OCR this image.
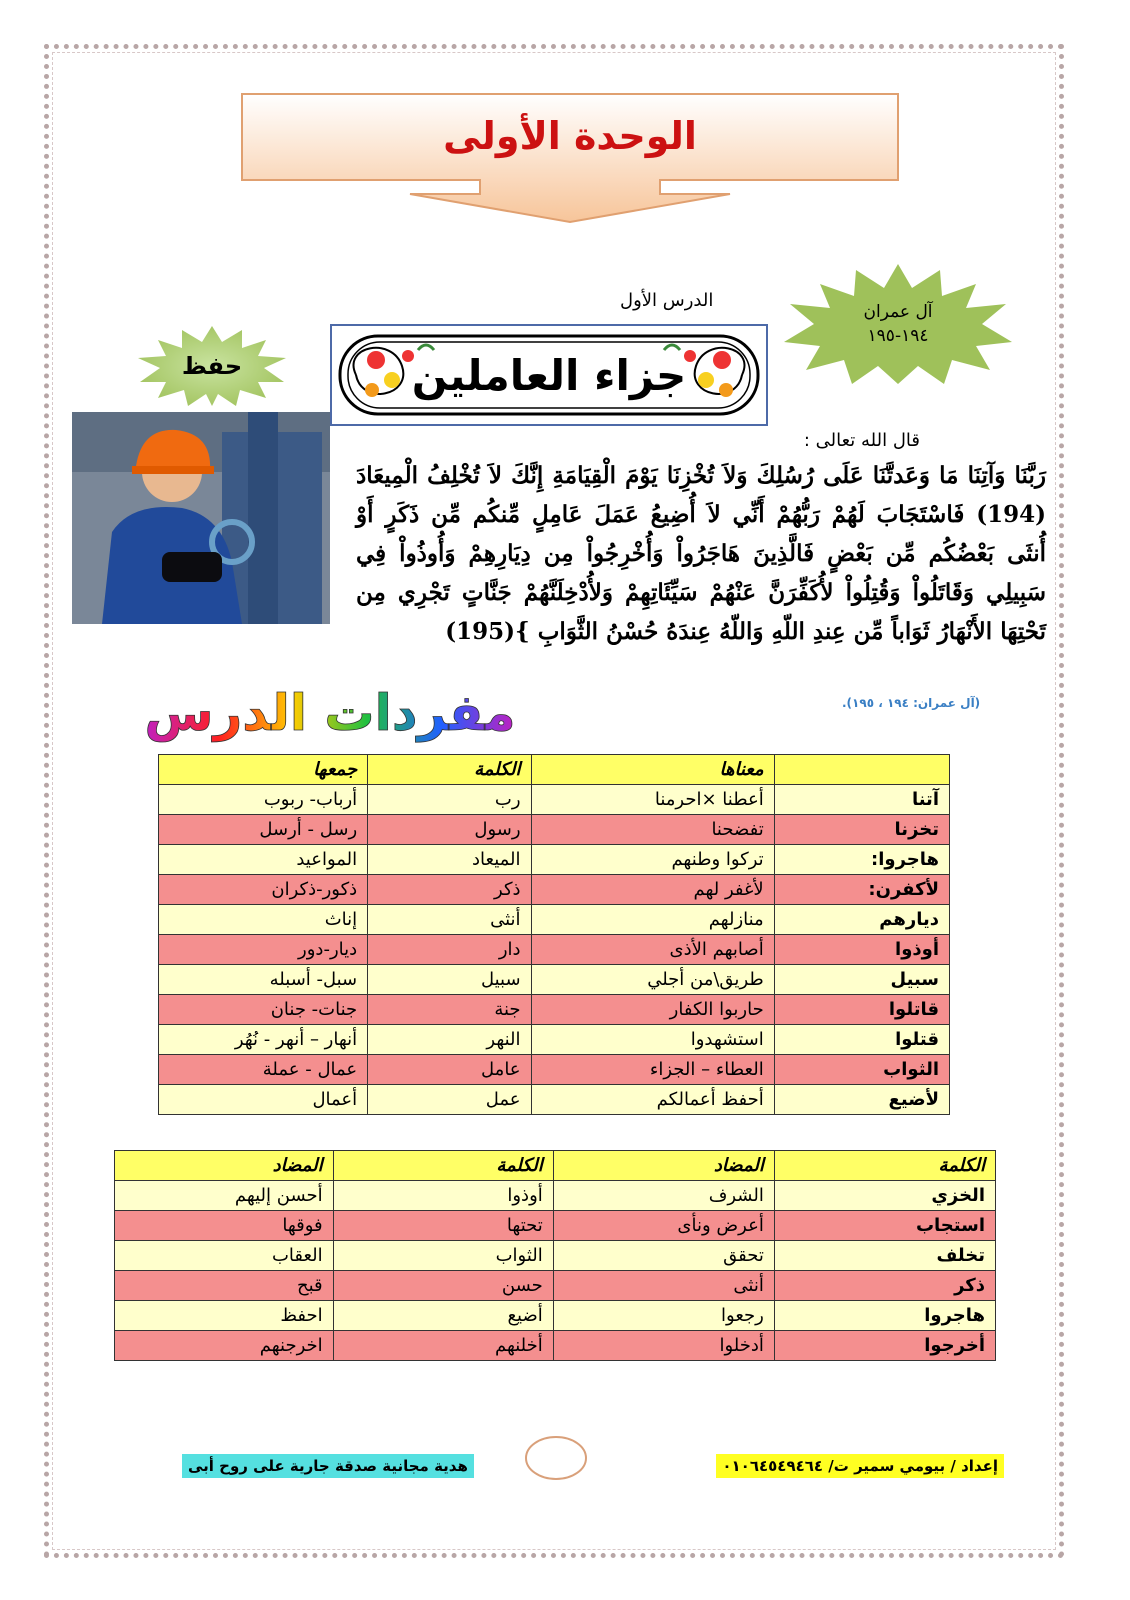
الوحدة الأولى
الدرس الأول
آل عمران
١٩٤-١٩٥
حفظ	جزاء العاملين
قال الله تعالى :
رَبَّنَا وَآتِنَا مَا وَعَدتَّنَا عَلَى رُسُلِكَ وَلاَ تُخْزِنَا يَوْمَ الْقِيَامَةِ إِنَّكَ لاَ تُخْلِفُ الْمِيعَادَ (194) فَاسْتَجَابَ لَهُمْ رَبُّهُمْ أَنِّي لاَ أُضِيعُ عَمَلَ عَامِلٍ مِّنكُم مِّن ذَكَرٍ أَوْ أُنثَى بَعْضُكُم مِّن بَعْضٍ فَالَّذِينَ هَاجَرُواْ وَأُخْرِجُواْ مِن دِيَارِهِمْ وَأُوذُواْ فِي سَبِيلِي وَقَاتَلُواْ وَقُتِلُواْ لأُكَفِّرَنَّ عَنْهُمْ سَيِّئَاتِهِمْ وَلأُدْخِلَنَّهُمْ جَنَّاتٍ تَجْرِي مِن تَحْتِهَا الأَنْهَارُ ثَوَاباً مِّن عِندِ اللّهِ وَاللّهُ عِندَهُ حُسْنُ الثَّوَابِ }(195)
(آل عمران: ١٩٤ ، ١٩٥).
مفردات الدرس
	معناها	الكلمة	جمعها
آتنا	أعطنا ×احرمنا	رب	أرباب- ربوب
تخزنا	تفضحنا	رسول	رسل - أرسل
هاجروا:	تركوا وطنهم	الميعاد	المواعيد
لأكفرن:	لأغفر لهم	ذكر	ذكور-ذكران
ديارهم	منازلهم	أنثى	إناث
أوذوا	أصابهم الأذى	دار	ديار-دور
سبيل	طريق\من أجلي	سبيل	سبل- أسبله
قاتلوا	حاربوا الكفار	جنة	جنات- جنان
قتلوا	استشهدوا	النهر	أنهار – أنهر - نُهُر
الثواب	العطاء – الجزاء	عامل	عمال - عملة
لأضيع	أحفظ أعمالكم	عمل	أعمال
الكلمة	المضاد	الكلمة	المضاد
الخزي	الشرف	أوذوا	أحسن إليهم
استجاب	أعرض ونأى	تحتها	فوقها
تخلف	تحقق	الثواب	العقاب
ذكر	أنثى	حسن	قبح
هاجروا	رجعوا	أضيع	احفظ
أخرجوا	أدخلوا	أخلنهم	اخرجنهم
إعداد / بيومي سمير ت/ ٠١٠٦٤٥٤٩٤٦٤
هدية مجانية صدقة جارية على روح أبى
